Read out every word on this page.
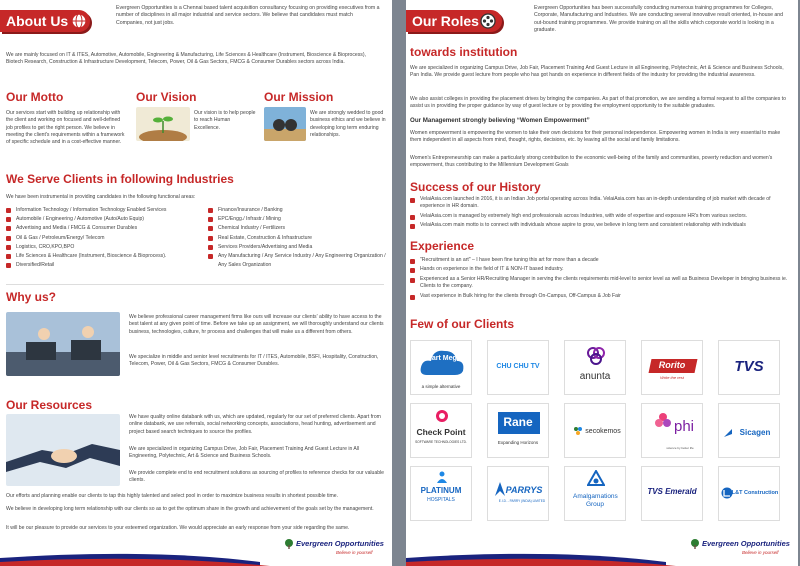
About Us
Evergreen Opportunities is a Chennai based talent acquisition consultancy focusing on providing executives from a number of disciplines in all major industrial and service sectors. We believe that candidates must match Companies, not just jobs.
We are mainly focused on IT & ITES, Automotive, Automobile, Engineering & Manufacturing, Life Sciences & Healthcare (Instrument, Bioscience & Bioprocess), Biotech Research, Construction & Infrastructure Development, Telecom, Power, Oil & Gas Sectors, FMCG & Consumer Durables sectors across India.
Our Motto
Our services start with building up relationship with the client and working on focused and well-defined job profiles to get the right person. We believe in meeting the client's requirements within a framework of specific schedule and in a cost-effective manner.
Our Vision
Our vision is to help people to reach Human Excellence.
Our Mission
We are strongly wedded to good business ethics and we believe in developing long term enduring relationships.
We Serve Clients in following Industries
We have been instrumental in providing candidates in the following functional areas:
Information Technology / Information Technology Enabled Services
Automobile / Engineering / Automotive (Auto/Auto Equip)
Advertising and Media / FMCG & Consumer Durables
Oil & Gas / Petroleum/Energy/ Telecom
Logistics, CRO,KPO,BPO
Life Sciences & Healthcare (Instrument, Bioscience & Bioprocess).
Diversified/Retail
Finance/Insurance / Banking
EPC/Engg./ Infrastr./ Mining
Chemical Industry / Fertilizers
Real Estate, Construction & Infrastructure
Services Providers/Advertising and Media
Any Manufacturing / Any Service Industry / Any Engineering Organization / Any Sales Organization
Why us?
We believe professional career management firms like ours will increase our clients' ability to have access to the best talent at any given point of time. Before we take up an assignment, we will thoroughly understand our clients business, technologies, culture, hr process and challenges that will make us a different from others.
We specialize in middle and senior level recruitments for IT / ITES, Automobile, BSFI, Hospitality, Construction, Telecom, Power, Oil & Gas Sectors, FMCG & Consumer Durables.
Our Resources
We have quality online databank with us, which are updated, regularly for our set of preferred clients. Apart from online databank, we use referrals, social networking concepts, associations, head hunting, advertisement and project based search techniques to source the profiles.
We are specialized in organizing Campus Drive, Job Fair, Placement Training And Guest Lecture in All Engineering, Polytechnic, Art & Science and Business Schools.
We provide complete end to end recruitment solutions as sourcing of profiles to reference checks for our valuable clients.
Our efforts and planning enable our clients to tap this highly talented and select pool in order to maximize business results in shortest possible time.
We believe in developing long term relationship with our clients so as to get the optimum share in the growth and achievement of the goals set by the management.
It will be our pleasure to provide our services to your esteemed organization. We would appreciate an early response from your side regarding the same.
Evergreen Opportunities
Believe in yourself
Our Roles
Evergreen Opportunities has been successfully conducting numerous training programmes for Colleges, Corporate, Manufacturing and Industries. We are conducting several innovative result oriented, in-house and out-bound training programmes. We provide training on all the skills which corporate world is looking in a graduate.
towards institution
We are specialized in organizing Campus Drive, Job Fair, Placement Training And Guest Lecture in all Engineering, Polytechnic, Art & Science and Business Schools, Pan India. We provide guest lecture from people who has got hands on experience in different fields of the industry for providing the industrial awareness.
We also assist colleges in providing the placement drives by bringing the companies. As part of that promotion, we are sending a formal request to all the companies to assist us in providing the proper guidance by way of guest lecture or by providing the employment opportunity to the suitable graduates.
Our Management strongly believing “Women Empowerment”
Women empowerment is empowering the women to take their own decisions for their personal independence. Empowering women in India is very essential to make them independent in all aspects from mind, thought, rights, decisions, etc. by leaving all the social and family limitations.
Women's Entrepreneurship can make a particularly strong contribution to the economic well-being of the family and communities, poverty reduction and women's empowerment, thus contributing to the Millennium Development Goals
Success of our History
VelaiAsia.com launched in 2016, it is an Indian Job portal operating across India. VelaiAsia.com has an in-depth understanding of job market with decade of experience in HR domain.
VelaiAsia.com is managed by extremely high end professionals across Industries, with wide of expertise and exposure HR's from various sectors.
VelaiAsia.com main motto is to connect with individuals whose aspire to grow, we believe in long term and consistent relationship with individuals
Experience
"Recruitment is an art" – I have been fine tuning this art for more than a decade
Hands on experience in the field of IT & NON-IT based industry.
Experienced as a Senior HR/Recruiting Manager in serving the clients requirements mid-level to senior level as well as Business Developer in bringing business ie. Clients to the company.
Vast experience in Bulk hiring for the clients through On-Campus, Off-Campus & Job Fair
Few of our Clients
Smart Megh
a simple alternative
CHU CHU TV
anunta
Rorito
Write the rest
TVS
Check Point
SOFTWARE TECHNOLOGIES LTD.
Rane
Expanding Horizons
secokemos	phi
science by better life
Sicagen
PLATINUM
HOSPITALS
PARRYS
E.I.D. - PARRY (INDIA) LIMITED
Amalgamations Group
TVS Emerald	L&T Construction
Evergreen Opportunities
Believe in yourself
